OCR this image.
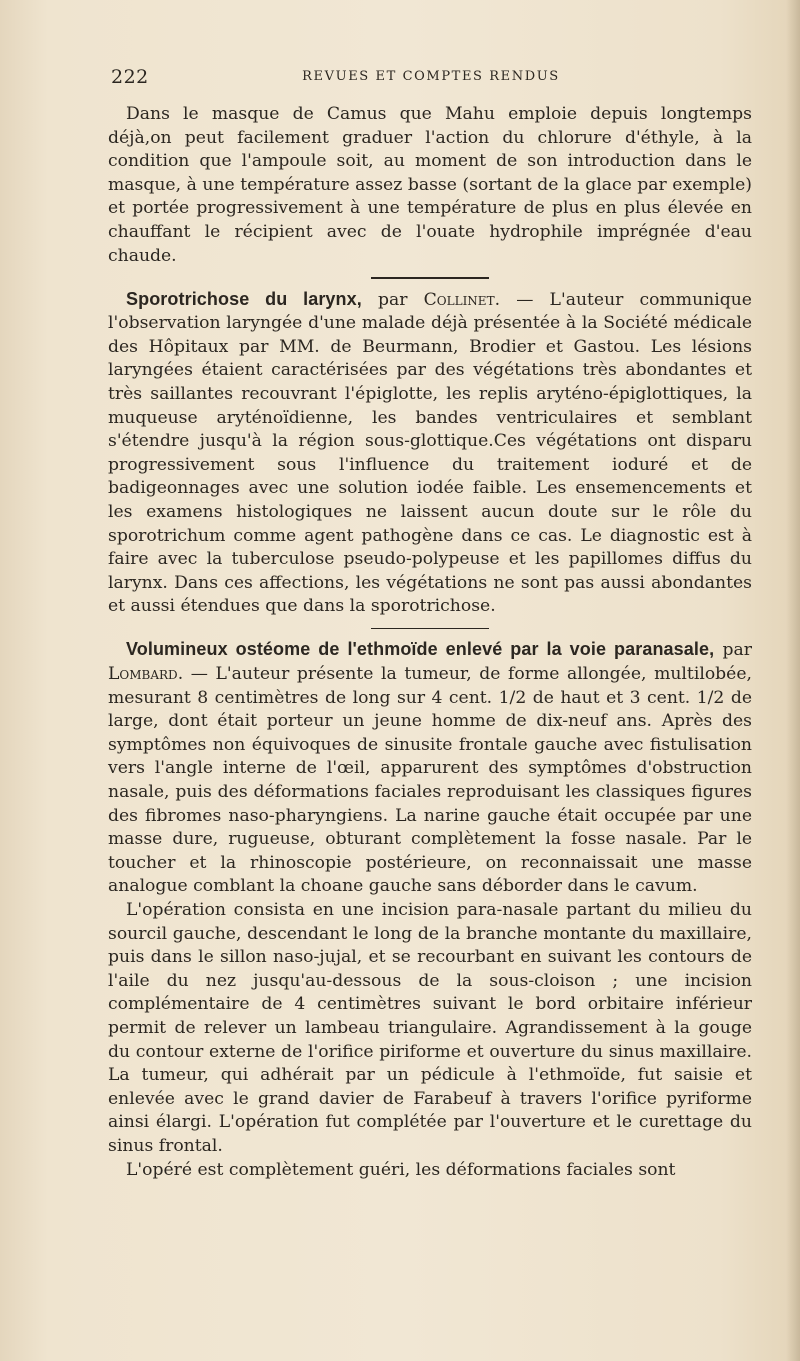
222	REVUES ET COMPTES RENDUS

Dans le masque de Camus que Mahu emploie depuis longtemps déjà,on peut facilement graduer l'action du chlorure d'éthyle, à la condition que l'ampoule soit, au moment de son introduction dans le masque, à une température assez basse (sortant de la glace par exemple) et portée progressivement à une température de plus en plus élevée en chauffant le récipient avec de l'ouate hydrophile imprégnée d'eau chaude.

Sporotrichose du larynx, par Collinet. — L'auteur communique l'observation laryngée d'une malade déjà présentée à la Société médicale des Hôpitaux par MM. de Beurmann, Brodier et Gastou. Les lésions laryngées étaient caractérisées par des végétations très abondantes et très saillantes recouvrant l'épiglotte, les replis aryténo-épiglottiques, la muqueuse aryténoïdienne, les bandes ventriculaires et semblant s'étendre jusqu'à la région sous-glottique.Ces végétations ont disparu progressivement sous l'influence du traitement ioduré et de badigeonnages avec une solution iodée faible. Les ensemencements et les examens histologiques ne laissent aucun doute sur le rôle du sporotrichum comme agent pathogène dans ce cas. Le diagnostic est à faire avec la tuberculose pseudo-polypeuse et les papillomes diffus du larynx. Dans ces affections, les végétations ne sont pas aussi abondantes et aussi étendues que dans la sporotrichose.

Volumineux ostéome de l'ethmoïde enlevé par la voie paranasale, par Lombard. — L'auteur présente la tumeur, de forme allongée, multilobée, mesurant 8 centimètres de long sur 4 cent. 1/2 de haut et 3 cent. 1/2 de large, dont était porteur un jeune homme de dix-neuf ans. Après des symptômes non équivoques de sinusite frontale gauche avec fistulisation vers l'angle interne de l'œil, apparurent des symptômes d'obstruction nasale, puis des déformations faciales reproduisant les classiques figures des fibromes naso-pharyngiens. La narine gauche était occupée par une masse dure, rugueuse, obturant complètement la fosse nasale. Par le toucher et la rhinoscopie postérieure, on reconnaissait une masse analogue comblant la choane gauche sans déborder dans le cavum.

L'opération consista en une incision para-nasale partant du milieu du sourcil gauche, descendant le long de la branche montante du maxillaire, puis dans le sillon naso-jujal, et se recourbant en suivant les contours de l'aile du nez jusqu'au-dessous de la sous-cloison ; une incision complémentaire de 4 centimètres suivant le bord orbitaire inférieur permit de relever un lambeau triangulaire. Agrandissement à la gouge du contour externe de l'orifice piriforme et ouverture du sinus maxillaire. La tumeur, qui adhérait par un pédicule à l'ethmoïde, fut saisie et enlevée avec le grand davier de Farabeuf à travers l'orifice pyriforme ainsi élargi. L'opération fut complétée par l'ouverture et le curettage du sinus frontal.

L'opéré est complètement guéri, les déformations faciales sont
